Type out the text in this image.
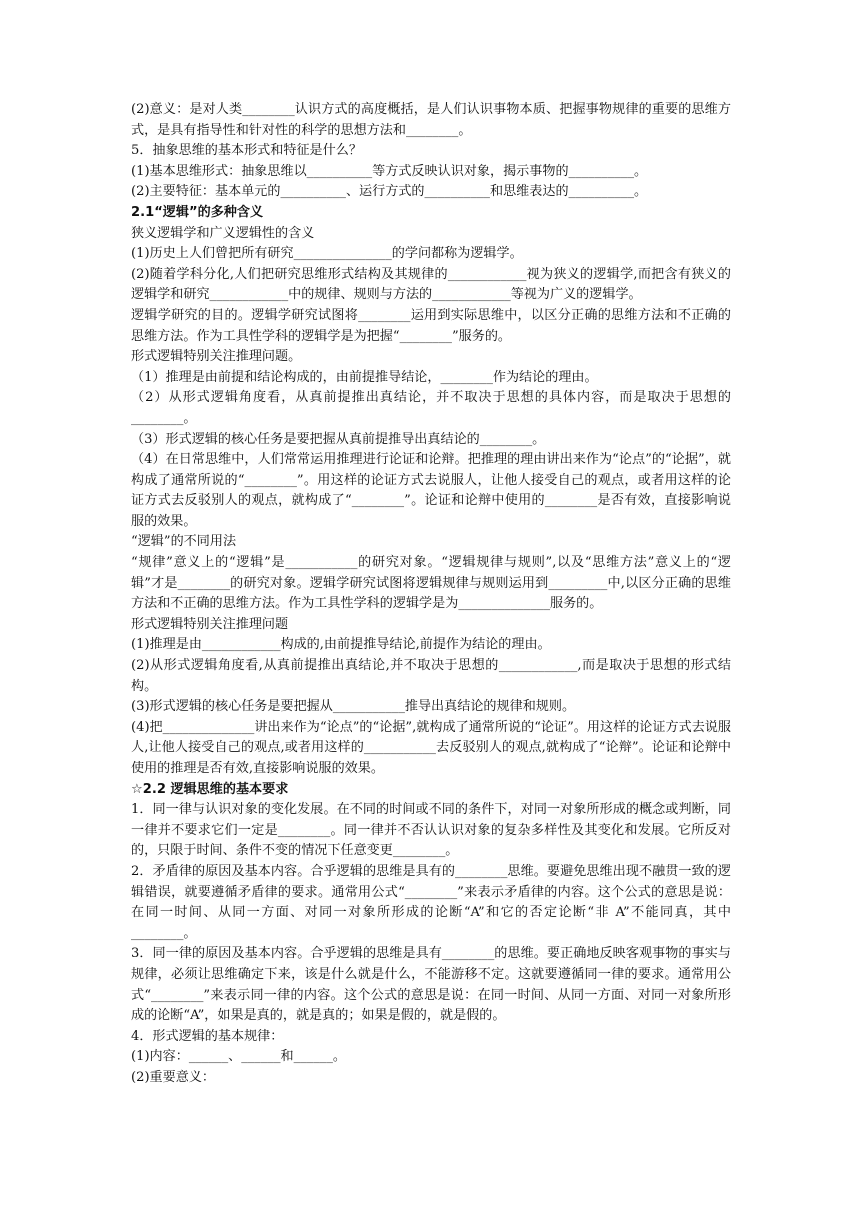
(2)意义：是对人类________认识方式的高度概括，是人们认识事物本质、把握事物规律的重要的思维方式，是具有指导性和针对性的科学的思想方法和________。

5．抽象思维的基本形式和特征是什么？

(1)基本思维形式：抽象思维以__________等方式反映认识对象，揭示事物的__________。

(2)主要特征：基本单元的__________、运行方式的__________和思维表达的__________。

2.1“逻辑”的多种含义

狭义逻辑学和广义逻辑性的含义

(1)历史上人们曾把所有研究_______________的学问都称为逻辑学。

(2)随着学科分化,人们把研究思维形式结构及其规律的____________视为狭义的逻辑学,而把含有狭义的逻辑学和研究____________中的规律、规则与方法的____________等视为广义的逻辑学。

逻辑学研究的目的。逻辑学研究试图将________运用到实际思维中，以区分正确的思维方法和不正确的思维方法。作为工具性学科的逻辑学是为把握“________”服务的。

形式逻辑特别关注推理问题。

（1）推理是由前提和结论构成的，由前提推导结论，________作为结论的理由。

（2）从形式逻辑角度看，从真前提推出真结论，并不取决于思想的具体内容，而是取决于思想的________。

（3）形式逻辑的核心任务是要把握从真前提推导出真结论的________。

（4）在日常思维中，人们常常运用推理进行论证和论辩。把推理的理由讲出来作为“论点”的“论据”，就构成了通常所说的“________”。用这样的论证方式去说服人，让他人接受自己的观点，或者用这样的论证方式去反驳别人的观点，就构成了“________”。论证和论辩中使用的________是否有效，直接影响说服的效果。

“逻辑”的不同用法

“规律”意义上的“逻辑”是___________的研究对象。“逻辑规律与规则”,以及“思维方法”意义上的“逻辑”才是________的研究对象。逻辑学研究试图将逻辑规律与规则运用到_________中,以区分正确的思维方法和不正确的思维方法。作为工具性学科的逻辑学是为______________服务的。

形式逻辑特别关注推理问题

(1)推理是由____________构成的,由前提推导结论,前提作为结论的理由。

(2)从形式逻辑角度看,从真前提推出真结论,并不取决于思想的____________,而是取决于思想的形式结构。

(3)形式逻辑的核心任务是要把握从___________推导出真结论的规律和规则。

(4)把______________讲出来作为“论点”的“论据”,就构成了通常所说的“论证”。用这样的论证方式去说服人,让他人接受自己的观点,或者用这样的___________去反驳别人的观点,就构成了“论辩”。论证和论辩中使用的推理是否有效,直接影响说服的效果。

☆2.2 逻辑思维的基本要求

1．同一律与认识对象的变化发展。在不同的时间或不同的条件下，对同一对象所形成的概念或判断，同一律并不要求它们一定是________。同一律并不否认认识对象的复杂多样性及其变化和发展。它所反对的，只限于时间、条件不变的情况下任意变更________。

2．矛盾律的原因及基本内容。合乎逻辑的思维是具有的________思维。要避免思维出现不融贯一致的逻辑错误，就要遵循矛盾律的要求。通常用公式“________”来表示矛盾律的内容。这个公式的意思是说：在同一时间、从同一方面、对同一对象所形成的论断“A”和它的否定论断“非 A”不能同真，其中________。

3．同一律的原因及基本内容。合乎逻辑的思维是具有________的思维。要正确地反映客观事物的事实与规律，必须让思维确定下来，该是什么就是什么，不能游移不定。这就要遵循同一律的要求。通常用公式“________”来表示同一律的内容。这个公式的意思是说：在同一时间、从同一方面、对同一对象所形成的论断“A”，如果是真的，就是真的；如果是假的，就是假的。

4．形式逻辑的基本规律：

(1)内容：______、______和______。

(2)重要意义：
